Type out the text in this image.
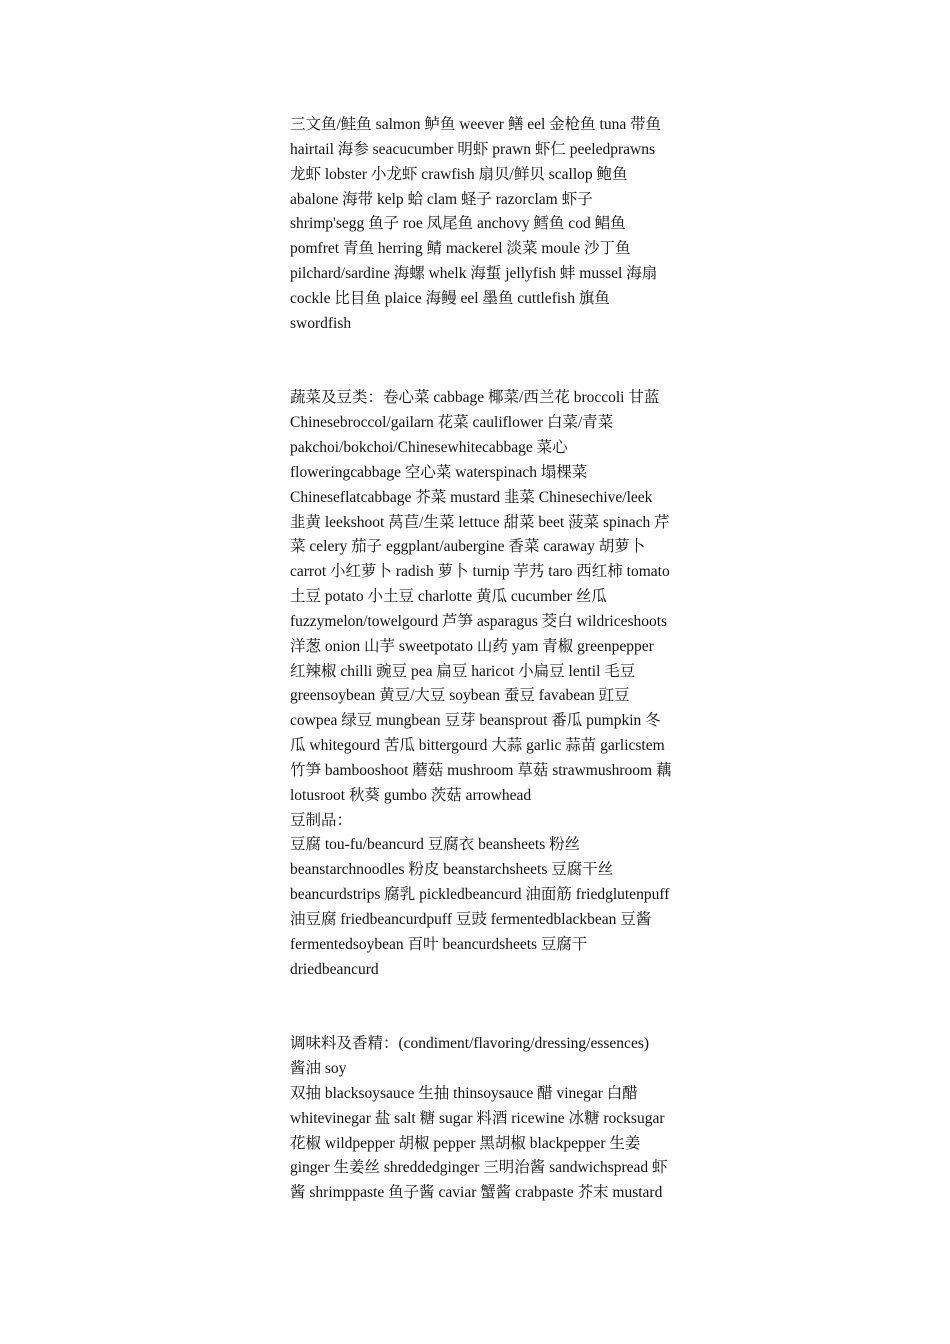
三文鱼/鲑鱼 salmon 鲈鱼 weever 鳝 eel 金枪鱼 tuna 带鱼
hairtail 海参 seacucumber 明虾 prawn 虾仁 peeledprawns
龙虾 lobster 小龙虾 crawfish 扇贝/鲜贝 scallop 鲍鱼
abalone 海带 kelp 蛤 clam 蛏子 razorclam 虾子
shrimp'segg 鱼子 roe 凤尾鱼 anchovy 鳕鱼 cod 鲳鱼
pomfret 青鱼 herring 鲭 mackerel 淡菜 moule 沙丁鱼
pilchard/sardine 海螺 whelk 海蜇 jellyfish 蚌 mussel 海扇
cockle 比目鱼 plaice 海鳗 eel 墨鱼 cuttlefish 旗鱼
swordfish

蔬菜及豆类：卷心菜 cabbage 椰菜/西兰花 broccoli 甘蓝
Chinesebroccol/gailarn 花菜 cauliflower 白菜/青菜
pakchoi/bokchoi/Chinesewhitecabbage 菜心
floweringcabbage 空心菜 waterspinach 塌棵菜
Chineseflatcabbage 芥菜 mustard 韭菜 Chinesechive/leek
韭黄 leekshoot 莴苣/生菜 lettuce 甜菜 beet 菠菜 spinach 芹
菜 celery 茄子 eggplant/aubergine 香菜 caraway 胡萝卜
carrot 小红萝卜 radish 萝卜 turnip 芋艿 taro 西红柿 tomato
土豆 potato 小土豆 charlotte 黄瓜 cucumber 丝瓜
fuzzymelon/towelgourd 芦笋 asparagus 茭白 wildriceshoots
洋葱 onion 山芋 sweetpotato 山药 yam 青椒 greenpepper
红辣椒 chilli 豌豆 pea 扁豆 haricot 小扁豆 lentil 毛豆
greensoybean 黄豆/大豆 soybean 蚕豆 favabean 豇豆
cowpea 绿豆 mungbean 豆芽 beansprout 番瓜 pumpkin 冬
瓜 whitegourd 苦瓜 bittergourd 大蒜 garlic 蒜苗 garlicstem
竹笋 bambooshoot 蘑菇 mushroom 草菇 strawmushroom 藕
lotusroot 秋葵 gumbo 茨菇 arrowhead
豆制品：
豆腐 tou-fu/beancurd 豆腐衣 beansheets 粉丝
beanstarchnoodles 粉皮 beanstarchsheets 豆腐干丝
beancurdstrips 腐乳 pickledbeancurd 油面筋 friedglutenpuff
油豆腐 friedbeancurdpuff 豆豉 fermentedblackbean 豆酱
fermentedsoybean 百叶 beancurdsheets 豆腐干
driedbeancurd

调味料及香精：(condiment/flavoring/dressing/essences)
酱油 soy
双抽 blacksoysauce 生抽 thinsoysauce 醋 vinegar 白醋
whitevinegar 盐 salt 糖 sugar 料酒 ricewine 冰糖 rocksugar
花椒 wildpepper 胡椒 pepper 黑胡椒 blackpepper 生姜
ginger 生姜丝 shreddedginger 三明治酱 sandwichspread 虾
酱 shrimppaste 鱼子酱 caviar 蟹酱 crabpaste 芥末 mustard
